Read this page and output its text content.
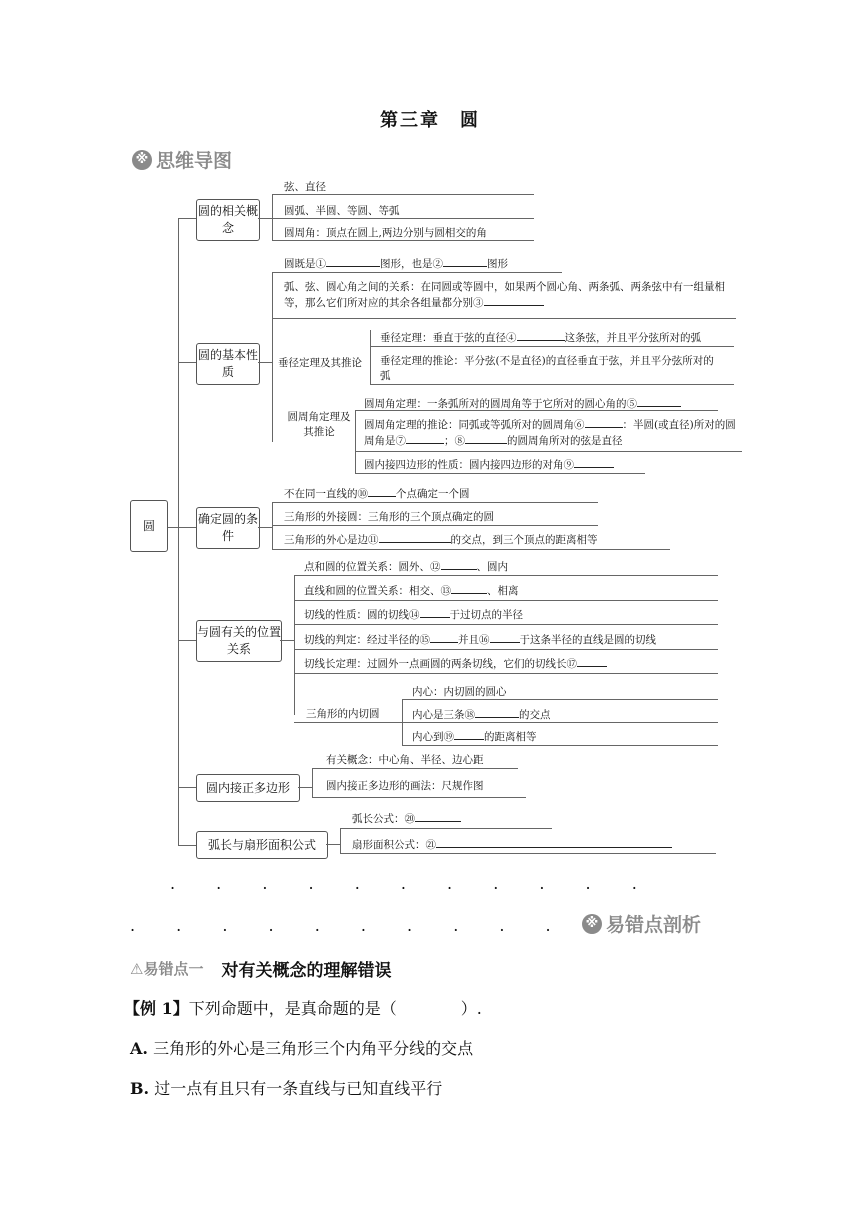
第三章　圆
※ 思维导图
圆
圆的相关概念
弦、直径
圆弧、半圆、等圆、等弧
圆周角：顶点在圆上,两边分别与圆相交的角
圆的基本性质
圆既是①	图形，也是②	图形
弧、弦、圆心角之间的关系：在同圆或等圆中，如果两个圆心角、两条弧、两条弦中有一组量相等，那么它们所对应的其余各组量都分别③
垂径定理及其推论
垂径定理：垂直于弦的直径④	这条弦，并且平分弦所对的弧
垂径定理的推论：平分弦(不是直径)的直径垂直于弦，并且平分弦所对的弧
圆周角定理及其推论
圆周角定理：一条弧所对的圆周角等于它所对的圆心角的⑤
圆周角定理的推论：同弧或等弧所对的圆周角⑥	：半圆(或直径)所对的圆周角是⑦	；⑧	的圆周角所对的弦是直径
圆内接四边形的性质：圆内接四边形的对角⑨
确定圆的条件
不在同一直线的⑩	个点确定一个圆
三角形的外接圆：三角形的三个顶点确定的圆
三角形的外心是边⑪	的交点，到三个顶点的距离相等
与圆有关的位置关系
点和圆的位置关系：圆外、⑫	、圆内
直线和圆的位置关系：相交、⑬	、相离
切线的性质：圆的切线⑭	于过切点的半径
切线的判定：经过半径的⑮	并且⑯	于这条半径的直线是圆的切线
切线长定理：过圆外一点画圆的两条切线，它们的切线长⑰
三角形的内切圆
内心：内切圆的圆心
内心是三条⑱	的交点
内心到⑲	的距离相等
圆内接正多边形
有关概念：中心角、半径、边心距
圆内接正多边形的画法：尺规作图
弧长与扇形面积公式
弧长公式：⑳
扇形面积公式：㉑
. . . . . . . . . . .
. . . . . . . . . .	※ 易错点剖析
⚠ 易错点一 对有关概念的理解错误
【例 1】下列命题中，是真命题的是（　　　　）.
A. 三角形的外心是三角形三个内角平分线的交点
B. 过一点有且只有一条直线与已知直线平行
